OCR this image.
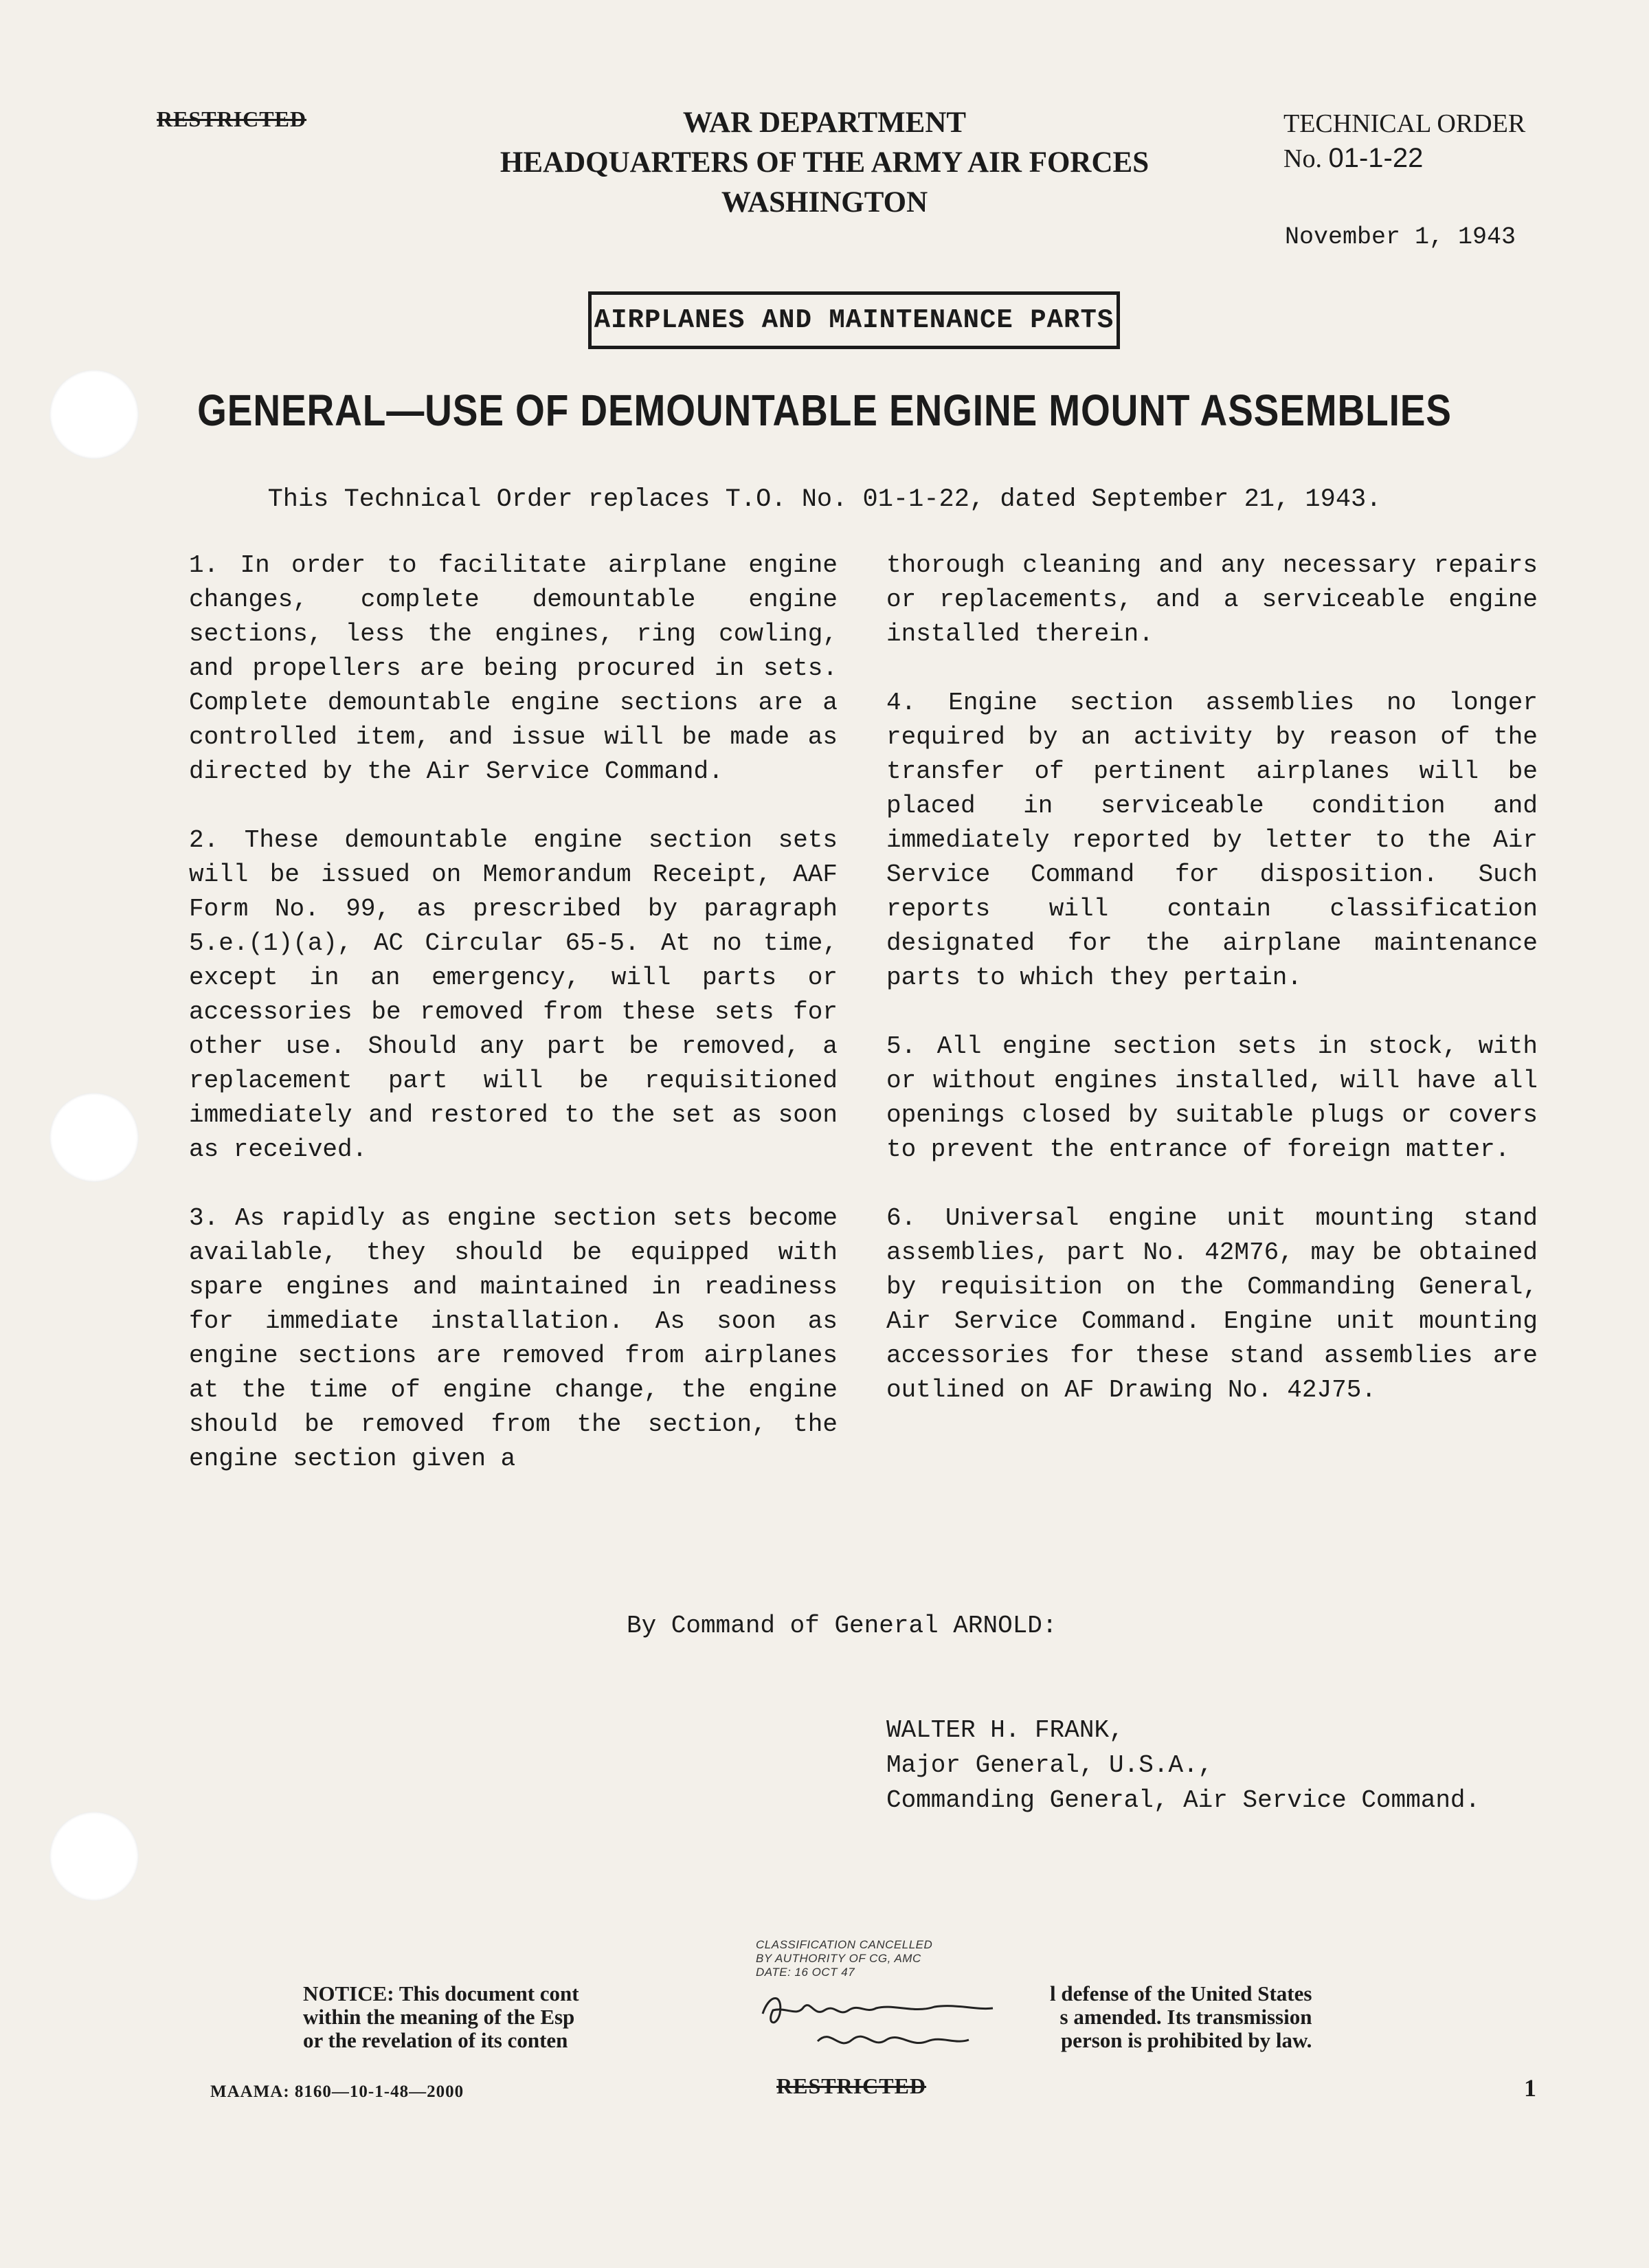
RESTRICTED	WAR DEPARTMENT
HEADQUARTERS OF THE ARMY AIR FORCES
WASHINGTON
TECHNICAL ORDER
No. 01-1-22
November 1, 1943
AIRPLANES AND MAINTENANCE PARTS
GENERAL—USE OF DEMOUNTABLE ENGINE MOUNT ASSEMBLIES
This Technical Order replaces T.O. No. 01-1-22, dated September 21, 1943.

1. In order to facilitate airplane engine changes, complete demountable engine sections, less the engines, ring cowling, and propellers are being procured in sets. Complete demountable engine sections are a controlled item, and issue will be made as directed by the Air Service Command.

2. These demountable engine section sets will be issued on Memorandum Receipt, AAF Form No. 99, as prescribed by paragraph 5.e.(1)(a), AC Circular 65-5. At no time, except in an emergency, will parts or accessories be removed from these sets for other use. Should any part be removed, a replacement part will be requisitioned immediately and restored to the set as soon as received.

3. As rapidly as engine section sets become available, they should be equipped with spare engines and maintained in readiness for immediate installation. As soon as engine sections are removed from airplanes at the time of engine change, the engine should be removed from the section, the engine section given a

thorough cleaning and any necessary repairs or replacements, and a serviceable engine installed therein.

4. Engine section assemblies no longer required by an activity by reason of the transfer of pertinent airplanes will be placed in serviceable condition and immediately reported by letter to the Air Service Command for disposition. Such reports will contain classification designated for the airplane maintenance parts to which they pertain.

5. All engine section sets in stock, with or without engines installed, will have all openings closed by suitable plugs or covers to prevent the entrance of foreign matter.

6. Universal engine unit mounting stand assemblies, part No. 42M76, may be obtained by requisition on the Commanding General, Air Service Command. Engine unit mounting accessories for these stand assemblies are outlined on AF Drawing No. 42J75.

By Command of General ARNOLD:
WALTER H. FRANK,
Major General, U.S.A.,
Commanding General, Air Service Command.
CLASSIFICATION CANCELLED
BY AUTHORITY OF CG, AMC
DATE: 16 OCT 47
NOTICE: This document cont
within the meaning of the Esp
or the revelation of its conten
l defense of the United States
s amended. Its transmission
person is prohibited by law.
MAAMA: 8160—10-1-48—2000	RESTRICTED	1
